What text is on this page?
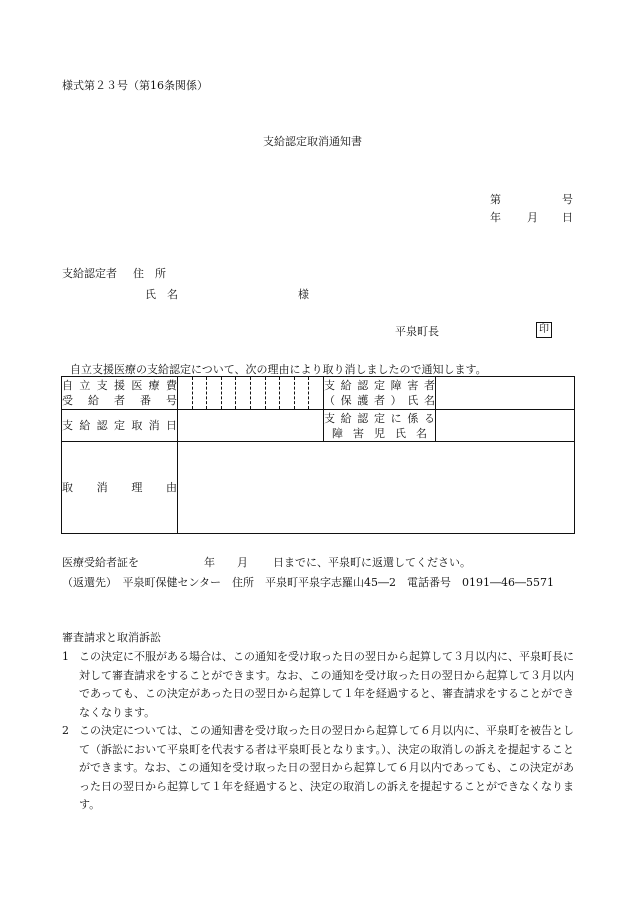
様式第２３号（第16条関係）
支給認定取消通知書
第	号
年 月 日
支給認定者 住　所
氏　名	様
平泉町長	印
自立支援医療の支給認定について、次の理由により取り消しましたので通知します。
自立支援医療費
受給者番号		支給認定障害者
（保護者）氏名	

支給認定取消日		支給認定に係る
障害児氏名	

取消理由			

医療受給者証を	年 月 日までに、平泉町に返還してください。
（返還先）　平泉町保健センター　住所　平泉町平泉字志羅山45―2　電話番号　0191―46―5571
審査請求と取消訴訟
1 この決定に不服がある場合は、この通知を受け取った日の翌日から起算して３月以内に、平泉町長に対して審査請求をすることができます。なお、この通知を受け取った日の翌日から起算して３月以内であっても、この決定があった日の翌日から起算して１年を経過すると、審査請求をすることができなくなります。
2 この決定については、この通知書を受け取った日の翌日から起算して６月以内に、平泉町を被告として（訴訟において平泉町を代表する者は平泉町長となります。）、決定の取消しの訴えを提起することができます。なお、この通知を受け取った日の翌日から起算して６月以内であっても、この決定があった日の翌日から起算して１年を経過すると、決定の取消しの訴えを提起することができなくなります。
